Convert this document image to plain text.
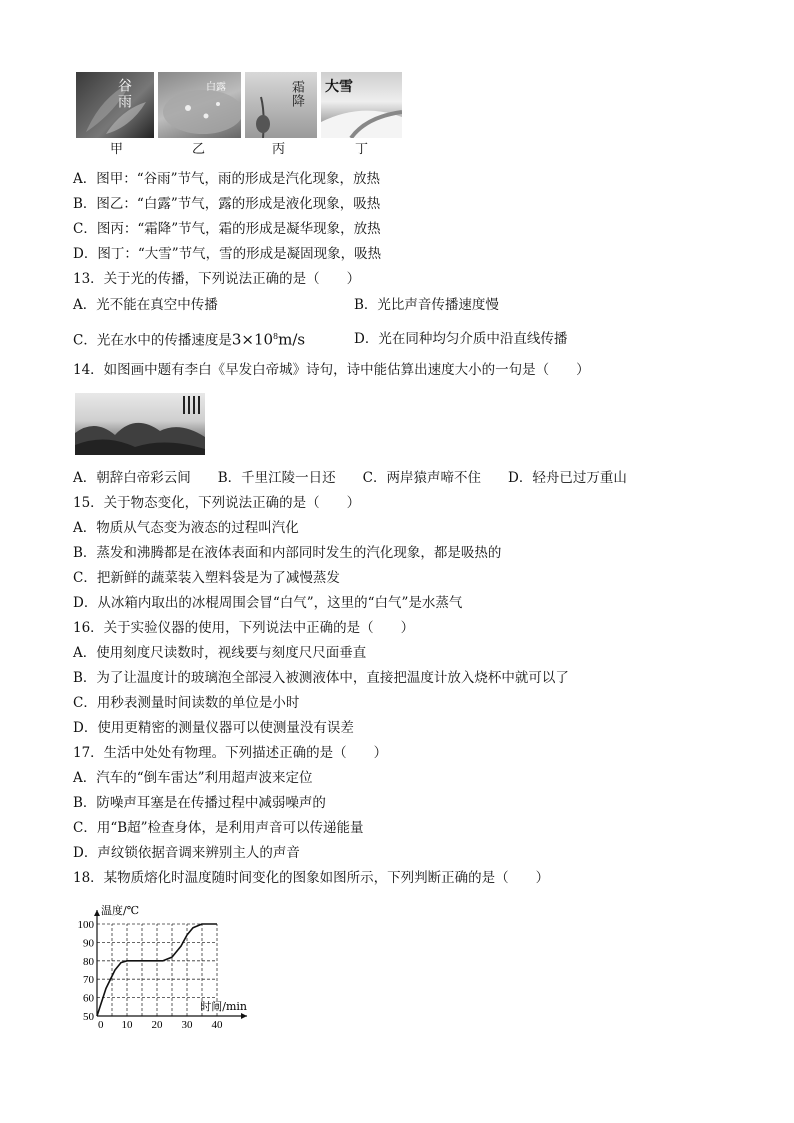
谷雨	白露	霜降 大雪
甲	乙	丙	丁
A．图甲：“谷雨”节气，雨的形成是汽化现象，放热
B．图乙：“白露”节气，露的形成是液化现象，吸热
C．图丙：“霜降”节气，霜的形成是凝华现象，放热
D．图丁：“大雪”节气，雪的形成是凝固现象，吸热
13．关于光的传播，下列说法正确的是（　　）
A．光不能在真空中传播	B．光比声音传播速度慢
C．光在水中的传播速度是$3\times 10^8m/s$	D．光在同种均匀介质中沿直线传播
14．如图画中题有李白《早发白帝城》诗句，诗中能估算出速度大小的一句是（　　）
A．朝辞白帝彩云间　　B．千里江陵一日还　　C．两岸猿声啼不住　　D．轻舟已过万重山
15．关于物态变化，下列说法正确的是（　　）
A．物质从气态变为液态的过程叫汽化
B．蒸发和沸腾都是在液体表面和内部同时发生的汽化现象，都是吸热的
C．把新鲜的蔬菜装入塑料袋是为了减慢蒸发
D．从冰箱内取出的冰棍周围会冒“白气”，这里的“白气”是水蒸气
16．关于实验仪器的使用，下列说法中正确的是（　　）
A．使用刻度尺读数时，视线要与刻度尺尺面垂直
B．为了让温度计的玻璃泡全部浸入被测液体中，直接把温度计放入烧杯中就可以了
C．用秒表测量时间读数的单位是小时
D．使用更精密的测量仪器可以使测量没有误差
17．生活中处处有物理。下列描述正确的是（　　）
A．汽车的“倒车雷达”利用超声波来定位
B．防噪声耳塞是在传播过程中减弱噪声的
C．用“B超”检查身体，是利用声音可以传递能量
D．声纹锁依据音调来辨别主人的声音
18．某物质熔化时温度随时间变化的图象如图所示，下列判断正确的是（　　）
50
60
70
80
90
100
0 10 20 30 40
温度/℃
时间/min
